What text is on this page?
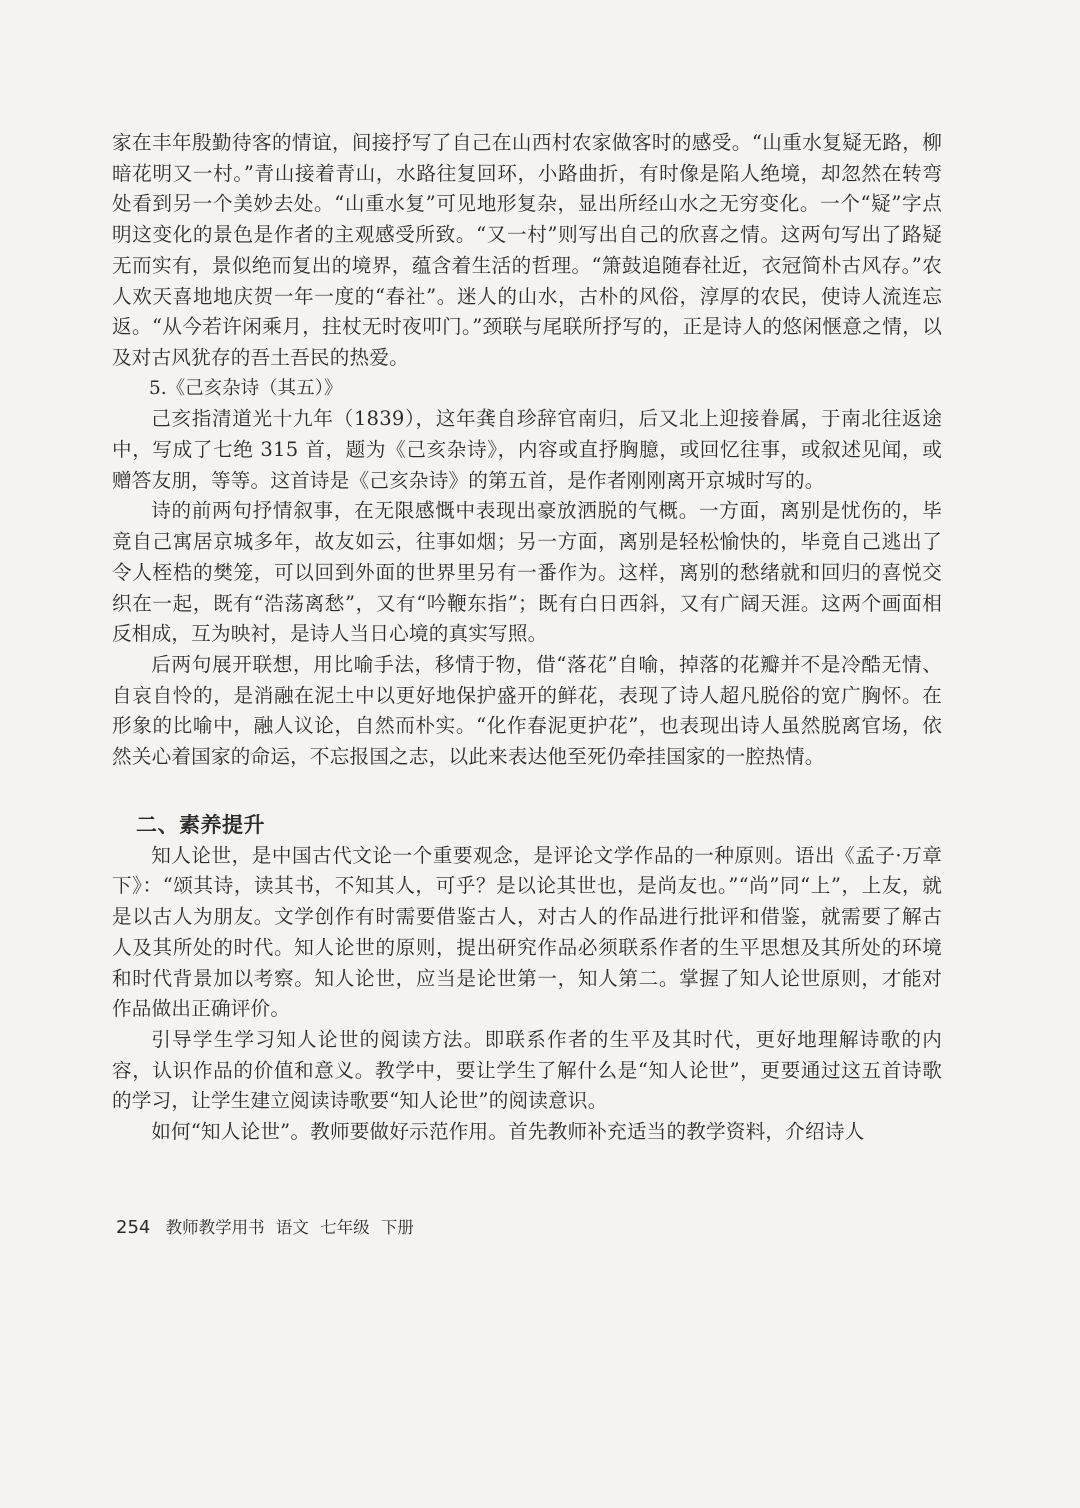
家在丰年殷勤待客的情谊，间接抒写了自己在山西村农家做客时的感受。“山重水复疑无路，柳暗花明又一村。”青山接着青山，水路往复回环，小路曲折，有时像是陷人绝境，却忽然在转弯处看到另一个美妙去处。“山重水复”可见地形复杂，显出所经山水之无穷变化。一个“疑”字点明这变化的景色是作者的主观感受所致。“又一村”则写出自己的欣喜之情。这两句写出了路疑无而实有，景似绝而复出的境界，蕴含着生活的哲理。“箫鼓追随春社近，衣冠简朴古风存。”农人欢天喜地地庆贺一年一度的“春社”。迷人的山水，古朴的风俗，淳厚的农民，使诗人流连忘返。“从今若许闲乘月，拄杖无时夜叩门。”颈联与尾联所抒写的，正是诗人的悠闲惬意之情，以及对古风犹存的吾土吾民的热爱。

5.《己亥杂诗（其五）》

己亥指清道光十九年（1839），这年龚自珍辞官南归，后又北上迎接眷属，于南北往返途中，写成了七绝 315 首，题为《己亥杂诗》，内容或直抒胸臆，或回忆往事，或叙述见闻，或赠答友朋，等等。这首诗是《己亥杂诗》的第五首，是作者刚刚离开京城时写的。

诗的前两句抒情叙事，在无限感慨中表现出豪放洒脱的气概。一方面，离别是忧伤的，毕竟自己寓居京城多年，故友如云，往事如烟；另一方面，离别是轻松愉快的，毕竟自己逃出了令人桎梏的樊笼，可以回到外面的世界里另有一番作为。这样，离别的愁绪就和回归的喜悦交织在一起，既有“浩荡离愁”，又有“吟鞭东指”；既有白日西斜，又有广阔天涯。这两个画面相反相成，互为映衬，是诗人当日心境的真实写照。

后两句展开联想，用比喻手法，移情于物，借“落花”自喻，掉落的花瓣并不是冷酷无情、自哀自怜的，是消融在泥土中以更好地保护盛开的鲜花，表现了诗人超凡脱俗的宽广胸怀。在形象的比喻中，融人议论，自然而朴实。“化作春泥更护花”，也表现出诗人虽然脱离官场，依然关心着国家的命运，不忘报国之志，以此来表达他至死仍牵挂国家的一腔热情。

二、素养提升

知人论世，是中国古代文论一个重要观念，是评论文学作品的一种原则。语出《孟子·万章下》：“颂其诗，读其书，不知其人，可乎？是以论其世也，是尚友也。”“尚”同“上”，上友，就是以古人为朋友。文学创作有时需要借鉴古人，对古人的作品进行批评和借鉴，就需要了解古人及其所处的时代。知人论世的原则，提出研究作品必须联系作者的生平思想及其所处的环境和时代背景加以考察。知人论世，应当是论世第一，知人第二。掌握了知人论世原则，才能对作品做出正确评价。

引导学生学习知人论世的阅读方法。即联系作者的生平及其时代，更好地理解诗歌的内容，认识作品的价值和意义。教学中，要让学生了解什么是“知人论世”，更要通过这五首诗歌的学习，让学生建立阅读诗歌要“知人论世”的阅读意识。

如何“知人论世”。教师要做好示范作用。首先教师补充适当的教学资料，介绍诗人

254 教师教学用书 语文 七年级 下册
